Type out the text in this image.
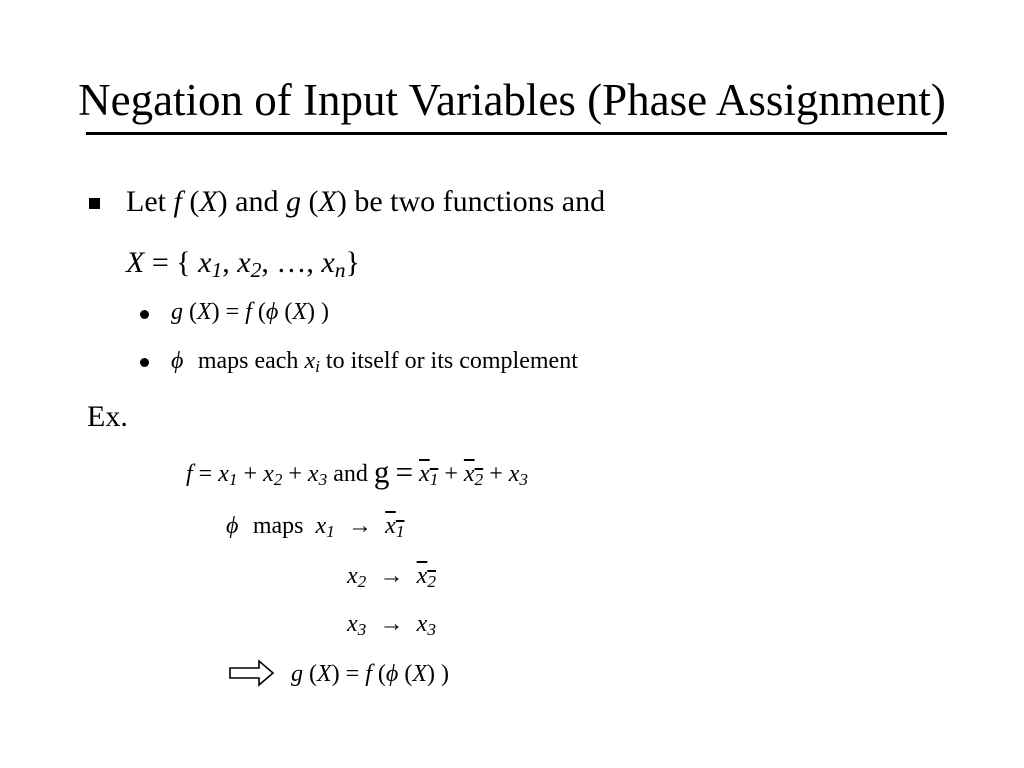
Negation of Input Variables (Phase Assignment)
Let f (X) and g (X) be two functions and
X = { $x_1$, $x_2$, …, $x_n$}
g (X) = f (ϕ (X) )
ϕ maps each $x_i$ to itself or its complement
Ex.
$f = x_1 + x_2 + x_3$ and $g = x_1 + x_2 + x_3$
ϕ maps $x_1 \to x_1$
$x_2 \to x_2$
$x_3 \to x_3$
g (X) = f (ϕ (X) )
